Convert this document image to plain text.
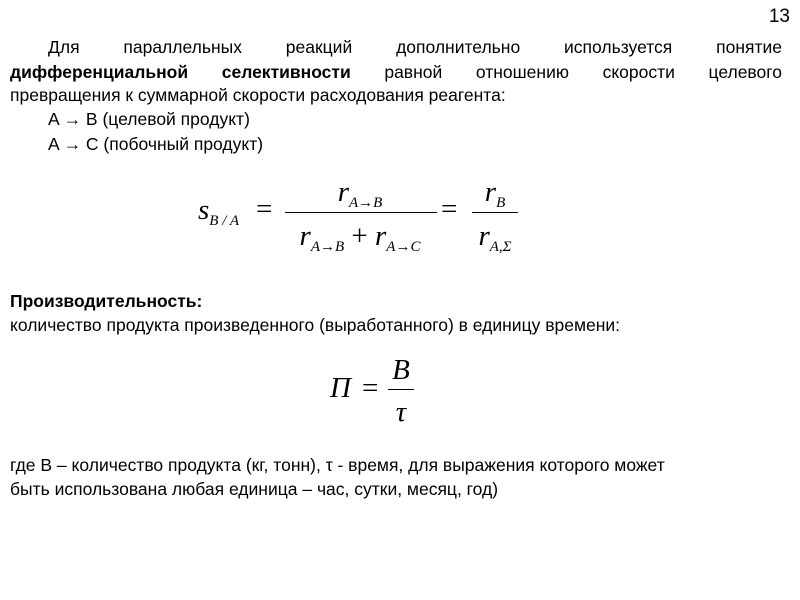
13
Для параллельных реакций дополнительно используется понятие
дифференциальной селективности равной отношению скорости целевого
превращения к суммарной скорости расходования реагента:
A → B (целевой продукт)
A → C (побочный продукт)
$s_{B / A}$ =
$r_{A\to B}$
$r_{A\to B} + r_{A\to C}$
=
$r_B$
$r_{A,\Sigma}$
Производительность:
количество продукта произведенного (выработанного) в единицу времени:
П =
B
τ
где В – количество продукта (кг, тонн), τ - время, для выражения которого может
быть использована любая единица – час, сутки, месяц, год)
